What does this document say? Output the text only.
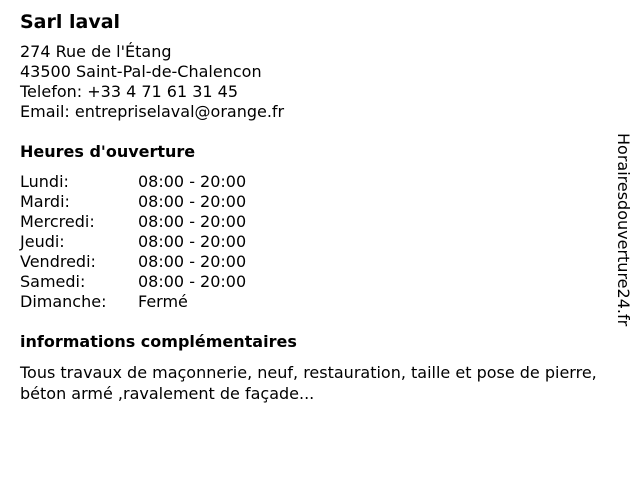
Sarl laval
274 Rue de l'Étang
43500 Saint-Pal-de-Chalencon
Telefon: +33 4 71 61 31 45
Email: entrepriselaval@orange.fr
Heures d'ouverture
Lundi:	08:00 - 20:00
Mardi:	08:00 - 20:00
Mercredi:	08:00 - 20:00
Jeudi:	08:00 - 20:00
Vendredi:	08:00 - 20:00
Samedi:	08:00 - 20:00
Dimanche:	Fermé
informations complémentaires
Tous travaux de maçonnerie, neuf, restauration, taille et pose de pierre, béton armé ,ravalement de façade...
Horairesdouverture24.fr
